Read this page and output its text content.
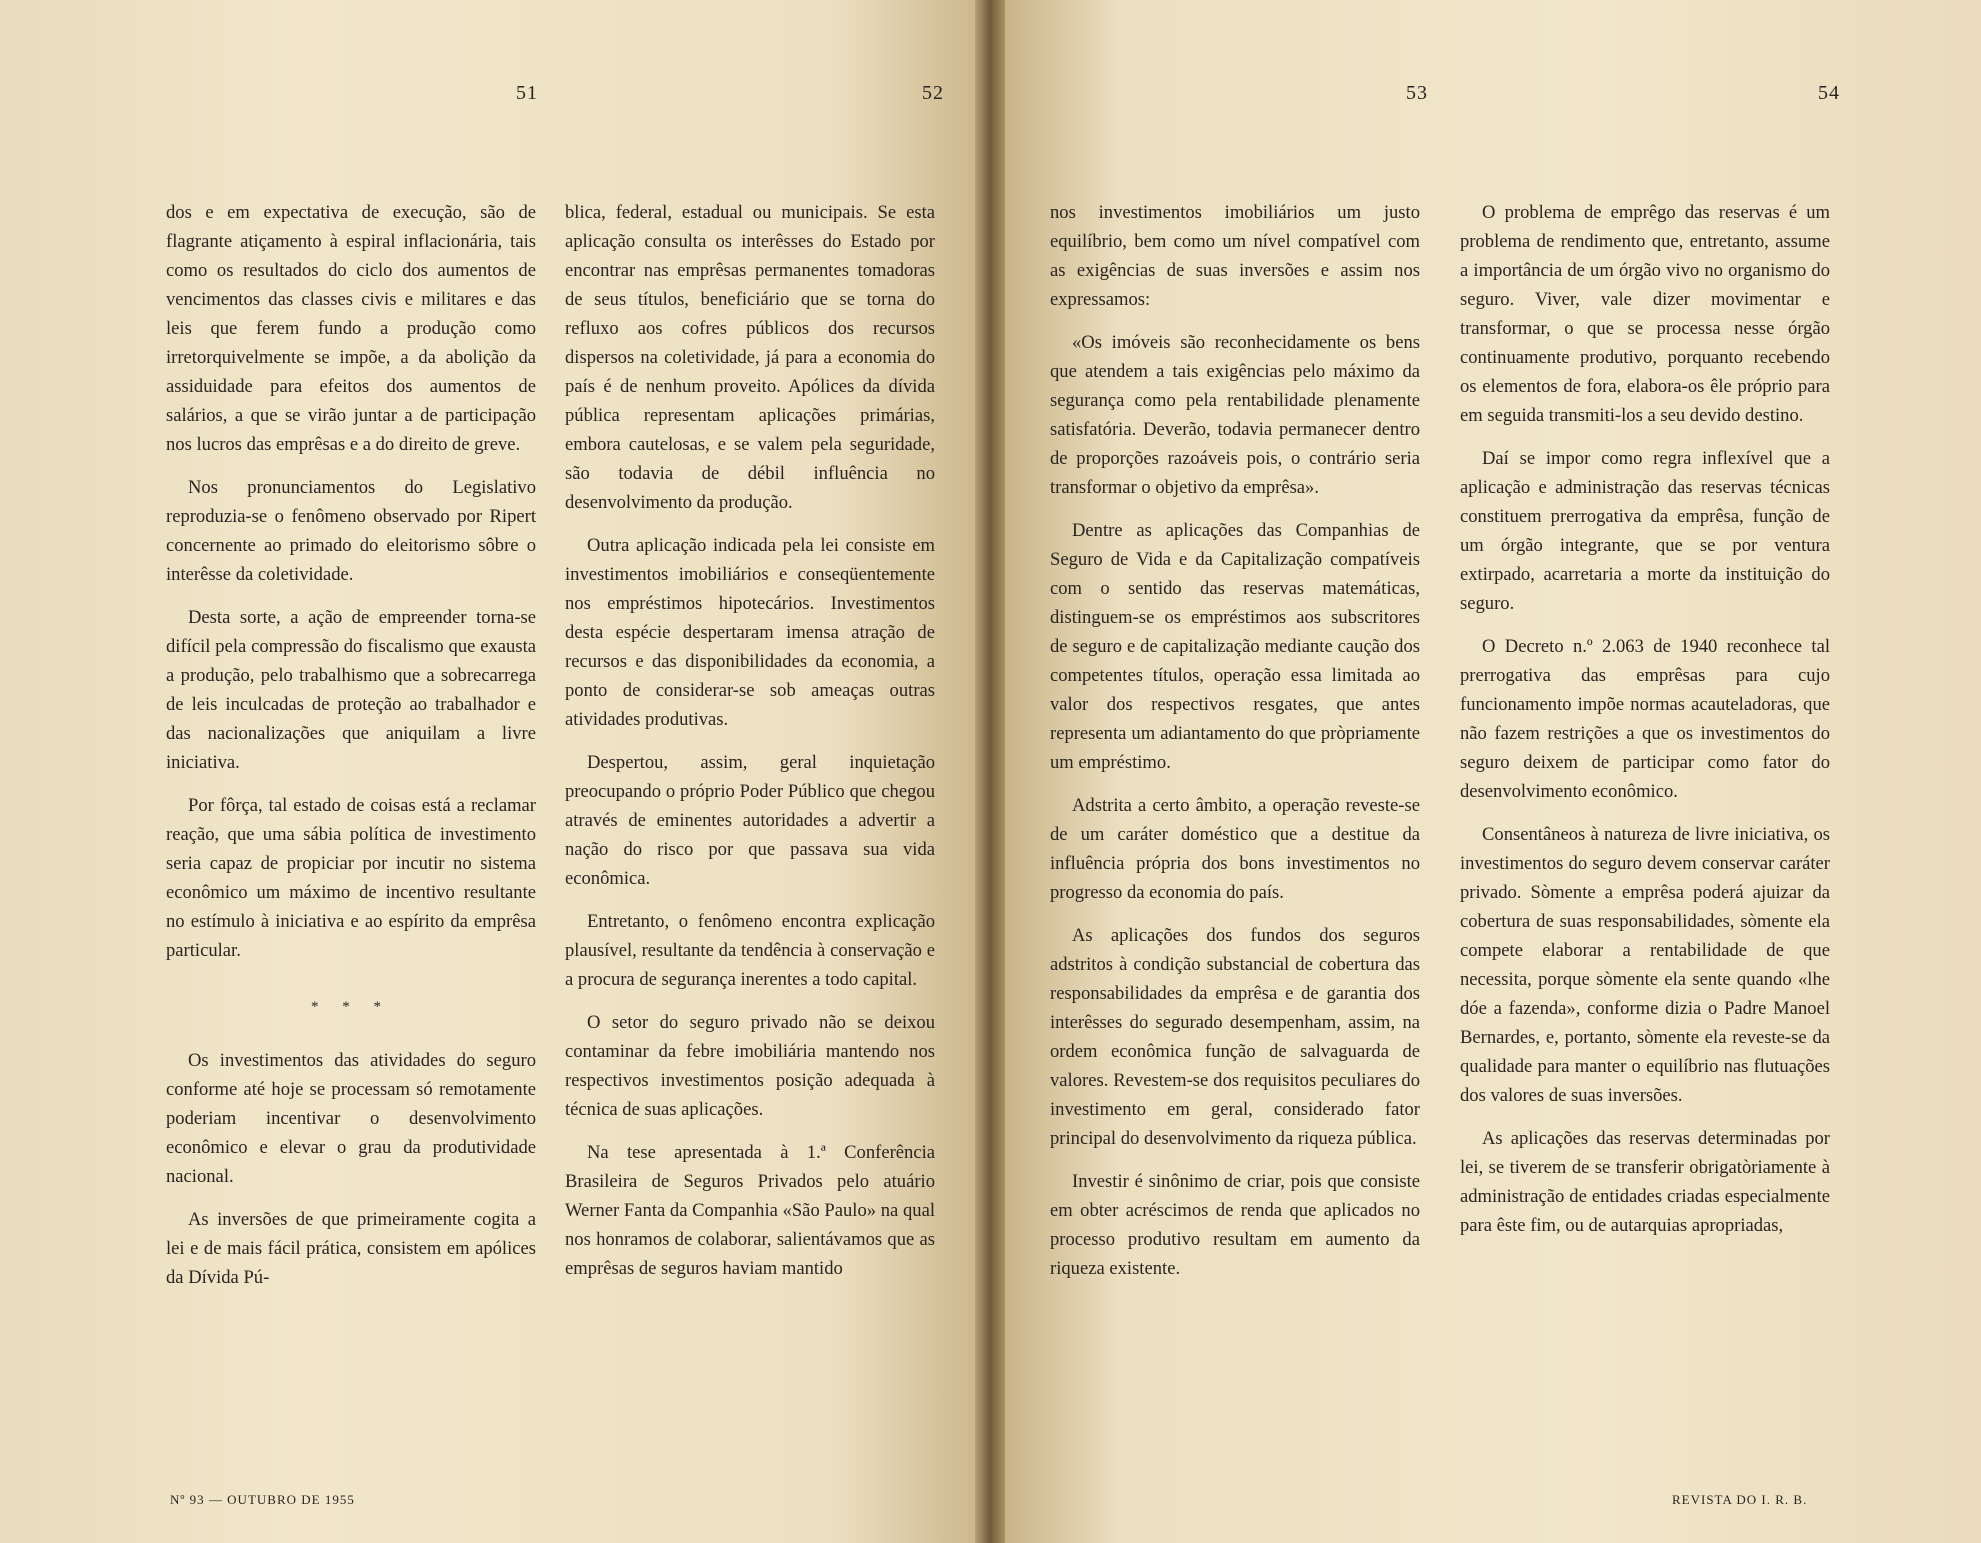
51	52	53	54

dos e em expectativa de execução, são de flagrante atiçamento à espiral inflacionária, tais como os resultados do ciclo dos aumentos de vencimentos das classes civis e militares e das leis que ferem fundo a produção como irretorquivelmente se impõe, a da abolição da assiduidade para efeitos dos aumentos de salários, a que se virão juntar a de participação nos lucros das emprêsas e a do direito de greve.

Nos pronunciamentos do Legislativo reproduzia-se o fenômeno observado por Ripert concernente ao primado do eleitorismo sôbre o interêsse da coletividade.

Desta sorte, a ação de empreender torna-se difícil pela compressão do fiscalismo que exausta a produção, pelo trabalhismo que a sobrecarrega de leis inculcadas de proteção ao trabalhador e das nacionalizações que aniquilam a livre iniciativa.

Por fôrça, tal estado de coisas está a reclamar reação, que uma sábia política de investimento seria capaz de propiciar por incutir no sistema econômico um máximo de incentivo resultante no estímulo à iniciativa e ao espírito da emprêsa particular.

* * *

Os investimentos das atividades do seguro conforme até hoje se processam só remotamente poderiam incentivar o desenvolvimento econômico e elevar o grau da produtividade nacional.

As inversões de que primeiramente cogita a lei e de mais fácil prática, consistem em apólices da Dívida Pú-

blica, federal, estadual ou municipais. Se esta aplicação consulta os interêsses do Estado por encontrar nas emprêsas permanentes tomadoras de seus títulos, beneficiário que se torna do refluxo aos cofres públicos dos recursos dispersos na coletividade, já para a economia do país é de nenhum proveito. Apólices da dívida pública representam aplicações primárias, embora cautelosas, e se valem pela seguridade, são todavia de débil influência no desenvolvimento da produção.

Outra aplicação indicada pela lei consiste em investimentos imobiliários e conseqüentemente nos empréstimos hipotecários. Investimentos desta espécie despertaram imensa atração de recursos e das disponibilidades da economia, a ponto de considerar-se sob ameaças outras atividades produtivas.

Despertou, assim, geral inquietação preocupando o próprio Poder Público que chegou através de eminentes autoridades a advertir a nação do risco por que passava sua vida econômica.

Entretanto, o fenômeno encontra explicação plausível, resultante da tendência à conservação e a procura de segurança inerentes a todo capital.

O setor do seguro privado não se deixou contaminar da febre imobiliária mantendo nos respectivos investimentos posição adequada à técnica de suas aplicações.

Na tese apresentada à 1.ª Conferência Brasileira de Seguros Privados pelo atuário Werner Fanta da Companhia «São Paulo» na qual nos honramos de colaborar, salientávamos que as emprêsas de seguros haviam mantido

nos investimentos imobiliários um justo equilíbrio, bem como um nível compatível com as exigências de suas inversões e assim nos expressamos:

«Os imóveis são reconhecidamente os bens que atendem a tais exigências pelo máximo da segurança como pela rentabilidade plenamente satisfatória. Deverão, todavia permanecer dentro de proporções razoáveis pois, o contrário seria transformar o objetivo da emprêsa».

Dentre as aplicações das Companhias de Seguro de Vida e da Capitalização compatíveis com o sentido das reservas matemáticas, distinguem-se os empréstimos aos subscritores de seguro e de capitalização mediante caução dos competentes títulos, operação essa limitada ao valor dos respectivos resgates, que antes representa um adiantamento do que pròpriamente um empréstimo.

Adstrita a certo âmbito, a operação reveste-se de um caráter doméstico que a destitue da influência própria dos bons investimentos no progresso da economia do país.

As aplicações dos fundos dos seguros adstritos à condição substancial de cobertura das responsabilidades da emprêsa e de garantia dos interêsses do segurado desempenham, assim, na ordem econômica função de salvaguarda de valores. Revestem-se dos requisitos peculiares do investimento em geral, considerado fator principal do desenvolvimento da riqueza pública.

Investir é sinônimo de criar, pois que consiste em obter acréscimos de renda que aplicados no processo produtivo resultam em aumento da riqueza existente.

O problema de emprêgo das reservas é um problema de rendimento que, entretanto, assume a importância de um órgão vivo no organismo do seguro. Viver, vale dizer movimentar e transformar, o que se processa nesse órgão continuamente produtivo, porquanto recebendo os elementos de fora, elabora-os êle próprio para em seguida transmiti-los a seu devido destino.

Daí se impor como regra inflexível que a aplicação e administração das reservas técnicas constituem prerrogativa da emprêsa, função de um órgão integrante, que se por ventura extirpado, acarretaria a morte da instituição do seguro.

O Decreto n.º 2.063 de 1940 reconhece tal prerrogativa das emprêsas para cujo funcionamento impõe normas acauteladoras, que não fazem restrições a que os investimentos do seguro deixem de participar como fator do desenvolvimento econômico.

Consentâneos à natureza de livre iniciativa, os investimentos do seguro devem conservar caráter privado. Sòmente a emprêsa poderá ajuizar da cobertura de suas responsabilidades, sòmente ela compete elaborar a rentabilidade de que necessita, porque sòmente ela sente quando «lhe dóe a fazenda», conforme dizia o Padre Manoel Bernardes, e, portanto, sòmente ela reveste-se da qualidade para manter o equilíbrio nas flutuações dos valores de suas inversões.

As aplicações das reservas determinadas por lei, se tiverem de se transferir obrigatòriamente à administração de entidades criadas especialmente para êste fim, ou de autarquias apropriadas,

Nº 93 — OUTUBRO DE 1955	REVISTA DO I. R. B.
